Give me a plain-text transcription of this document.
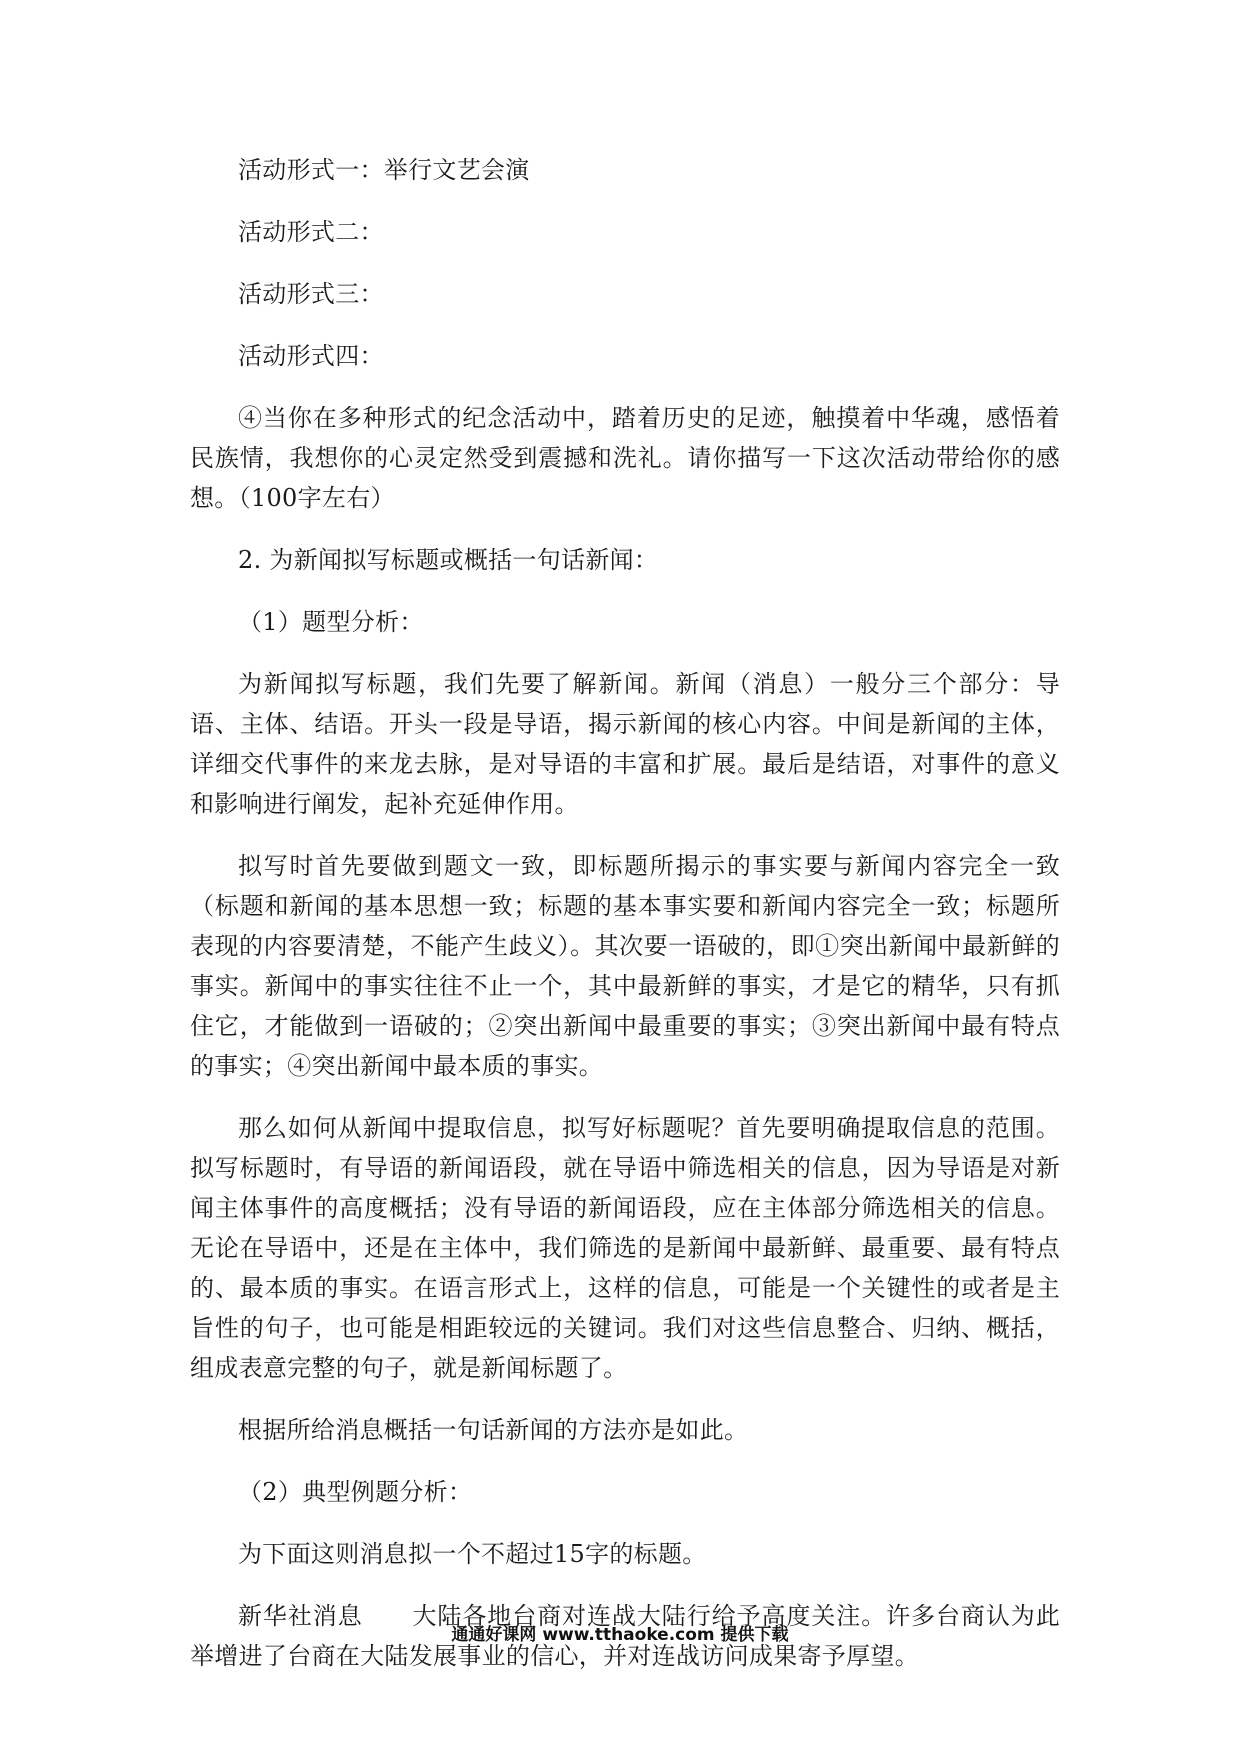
活动形式一：举行文艺会演

活动形式二：

活动形式三：

活动形式四：

④当你在多种形式的纪念活动中，踏着历史的足迹，触摸着中华魂，感悟着民族情，我想你的心灵定然受到震撼和洗礼。请你描写一下这次活动带给你的感想。（100字左右）

2. 为新闻拟写标题或概括一句话新闻：

（1）题型分析：

为新闻拟写标题，我们先要了解新闻。新闻（消息）一般分三个部分：导语、主体、结语。开头一段是导语，揭示新闻的核心内容。中间是新闻的主体，详细交代事件的来龙去脉，是对导语的丰富和扩展。最后是结语，对事件的意义和影响进行阐发，起补充延伸作用。

拟写时首先要做到题文一致，即标题所揭示的事实要与新闻内容完全一致（标题和新闻的基本思想一致；标题的基本事实要和新闻内容完全一致；标题所表现的内容要清楚，不能产生歧义）。其次要一语破的，即①突出新闻中最新鲜的事实。新闻中的事实往往不止一个，其中最新鲜的事实，才是它的精华，只有抓住它，才能做到一语破的；②突出新闻中最重要的事实；③突出新闻中最有特点的事实；④突出新闻中最本质的事实。

那么如何从新闻中提取信息，拟写好标题呢？首先要明确提取信息的范围。拟写标题时，有导语的新闻语段，就在导语中筛选相关的信息，因为导语是对新闻主体事件的高度概括；没有导语的新闻语段，应在主体部分筛选相关的信息。无论在导语中，还是在主体中，我们筛选的是新闻中最新鲜、最重要、最有特点的、最本质的事实。在语言形式上，这样的信息，可能是一个关键性的或者是主旨性的句子，也可能是相距较远的关键词。我们对这些信息整合、归纳、概括，组成表意完整的句子，就是新闻标题了。

根据所给消息概括一句话新闻的方法亦是如此。

（2）典型例题分析：

为下面这则消息拟一个不超过15字的标题。

新华社消息　　大陆各地台商对连战大陆行给予高度关注。许多台商认为此举增进了台商在大陆发展事业的信心，并对连战访问成果寄予厚望。

通通好课网 www.tthaoke.com 提供下载
